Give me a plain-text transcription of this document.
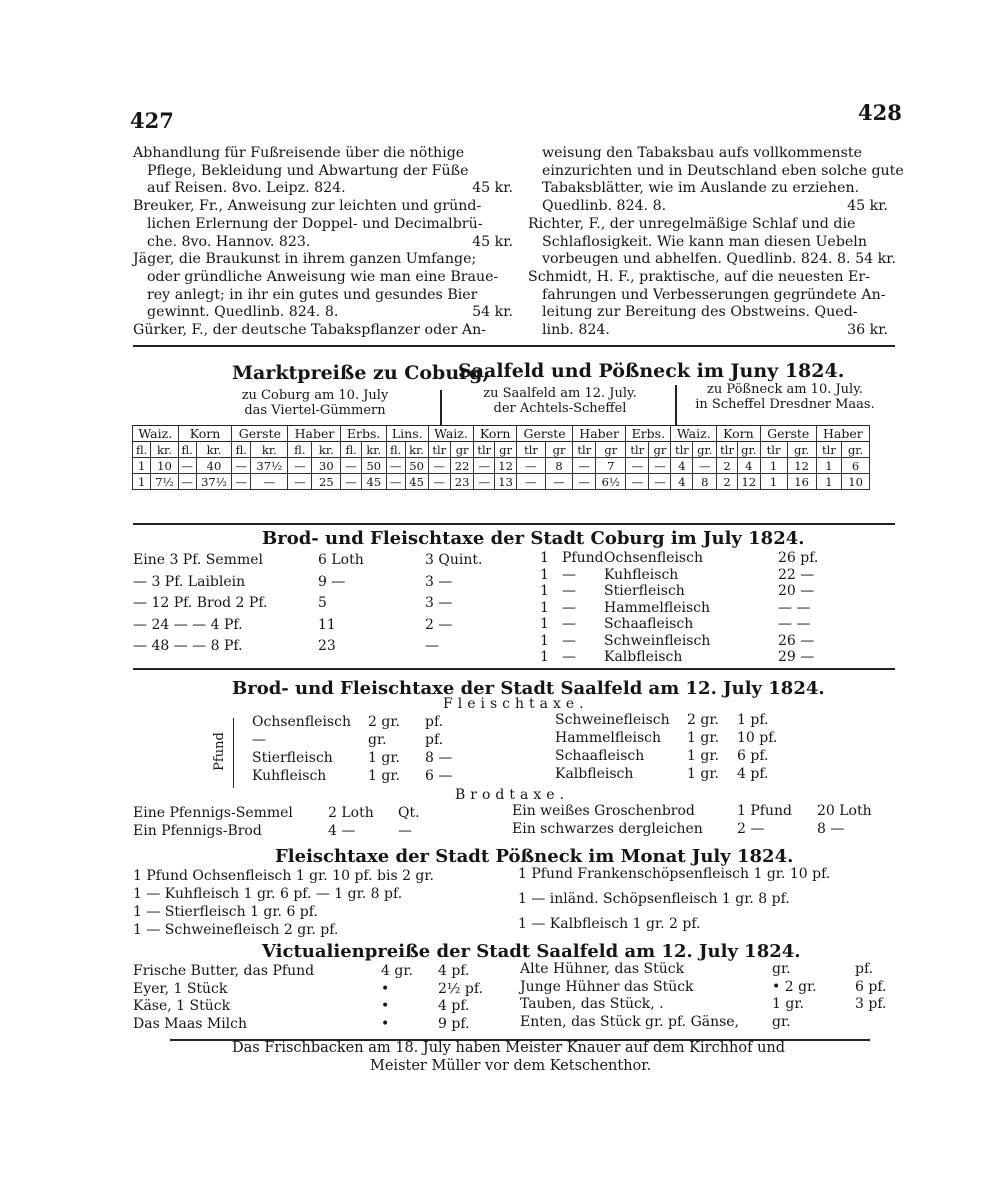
427	428
Abhandlung für Fußreisende über die nöthige
Pflege, Bekleidung und Abwartung der Füße
auf Reisen. 8vo. Leipz. 824.	45 kr.
Breuker, Fr., Anweisung zur leichten und gründ-
lichen Erlernung der Doppel- und Decimalbrü-
che. 8vo. Hannov. 823.	45 kr.
Jäger, die Braukunst in ihrem ganzen Umfange;
oder gründliche Anweisung wie man eine Braue-
rey anlegt; in ihr ein gutes und gesundes Bier
gewinnt. Quedlinb. 824. 8.	54 kr.
Gürker, F., der deutsche Tabakspflanzer oder An-
weisung den Tabaksbau aufs vollkommenste
einzurichten und in Deutschland eben solche gute
Tabaksblätter, wie im Auslande zu erziehen.
Quedlinb. 824. 8.	45 kr.
Richter, F., der unregelmäßige Schlaf und die
Schlaflosigkeit. Wie kann man diesen Uebeln
vorbeugen und abhelfen. Quedlinb. 824. 8. 54 kr.
Schmidt, H. F., praktische, auf die neuesten Er-
fahrungen und Verbesserungen gegründete An-
leitung zur Bereitung des Obstweins. Qued-
linb. 824.	36 kr.
Marktpreiße zu Coburg,
Saalfeld und Pößneck im Juny 1824.
zu Coburg am 10. July
das Viertel-Gümmern
zu Saalfeld am 12. July.
der Achtels-Scheffel
zu Pößneck am 10. July.
in Scheffel Dresdner Maas.
Waiz.		Korn		Gerste		Haber		Erbs.		Lins.		Waiz.		Korn		Gerste		Haber		Erbs.		Waiz.		Korn		Gerste		Haber	
fl.	kr.	fl.	kr.	fl.	kr.	fl.	kr.	fl.	kr.	fl.	kr.	tlr	gr	tlr	gr	tlr	gr	tlr	gr	tlr	gr	tlr	gr.	tlr	gr.	tlr	gr.	tlr	gr.
1	10	—	40	—	37½	—	30	—	50	—	50	—	22	—	12	—	8	—	7	—	—	4	—	2	4	1	12	1	6
1	7½	—	37½	—	—	—	25	—	45	—	45	—	23	—	13	—	—	—	6½	—	—	4	8	2	12	1	16	1	10
Brod- und Fleischtaxe der Stadt Coburg im July 1824.
Eine 3 Pf. Semmel	6 Loth	3 Quint.
— 3 Pf. Laiblein	9 —	3 —
— 12 Pf. Brod 2 Pf.	5	3 —
— 24 — — 4 Pf.	11	2 —
— 48 — — 8 Pf.	23	—
1 Pfund Ochsenfleisch	26 pf.
1 — Kuhfleisch	22 —
1 — Stierfleisch	20 —
1 — Hammelfleisch	— —
1 — Schaafleisch	— —
1 — Schweinfleisch	26 —
1 — Kalbfleisch	29 —
Brod- und Fleischtaxe der Stadt Saalfeld am 12. July 1824.
Fleischtaxe.
Pfund
Ochsenfleisch 2 gr. pf.
—	gr.	pf.
Stierfleisch	1 gr. 8 —
Kuhfleisch	1 gr. 6 —
Schweinefleisch 2 gr. 1 pf.
Hammelfleisch 1 gr. 10 pf.
Schaafleisch	1 gr. 6 pf.
Kalbfleisch	1 gr. 4 pf.
Brodtaxe.
Eine Pfennigs-Semmel	2 Loth Qt.
Ein Pfennigs-Brod	4 —	—
Ein weißes Groschenbrod	1 Pfund 20 Loth
Ein schwarzes dergleichen 2 —	8 —
Fleischtaxe der Stadt Pößneck im Monat July 1824.
1 Pfund Ochsenfleisch 1 gr. 10 pf. bis 2 gr.
1 — Kuhfleisch 1 gr. 6 pf. — 1 gr. 8 pf.
1 — Stierfleisch 1 gr. 6 pf.
1 — Schweinefleisch 2 gr. pf.
1 Pfund Frankenschöpsenfleisch 1 gr. 10 pf.
1 — inländ. Schöpsenfleisch 1 gr. 8 pf.
1 — Kalbfleisch 1 gr. 2 pf.
Victualienpreiße der Stadt Saalfeld am 12. July 1824.
Frische Butter, das Pfund	4 gr. 4 pf.
Eyer, 1 Stück	•	2½ pf.
Käse, 1 Stück	•	4 pf.
Das Maas Milch	•	9 pf.
Alte Hühner, das Stück	gr.	pf.
Junge Hühner das Stück	• 2 gr.	6 pf.
Tauben, das Stück, .	1 gr.	3 pf.
Enten, das Stück gr. pf. Gänse, gr.
Das Frischbacken am 18. July haben Meister Knauer auf dem Kirchhof und
Meister Müller vor dem Ketschenthor.
